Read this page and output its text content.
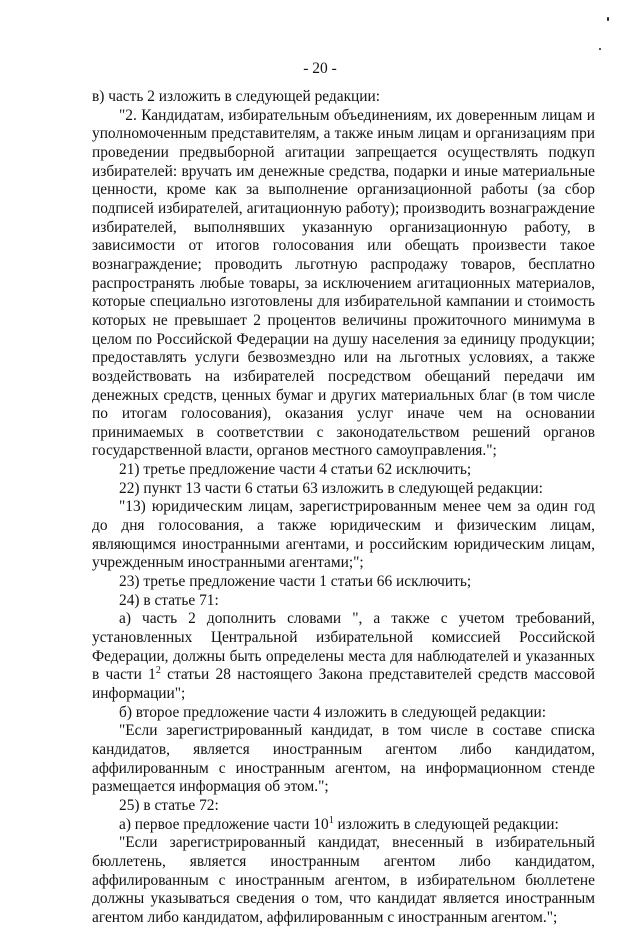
- 20 -

в) часть 2 изложить в следующей редакции:

"2. Кандидатам, избирательным объединениям, их доверенным лицам и уполномоченным представителям, а также иным лицам и организациям при проведении предвыборной агитации запрещается осуществлять подкуп избирателей: вручать им денежные средства, подарки и иные материальные ценности, кроме как за выполнение организационной работы (за сбор подписей избирателей, агитационную работу); производить вознаграждение избирателей, выполнявших указанную организационную работу, в зависимости от итогов голосования или обещать произвести такое вознаграждение; проводить льготную распродажу товаров, бесплатно распространять любые товары, за исключением агитационных материалов, которые специально изготовлены для избирательной кампании и стоимость которых не превышает 2 процентов величины прожиточного минимума в целом по Российской Федерации на душу населения за единицу продукции; предоставлять услуги безвозмездно или на льготных условиях, а также воздействовать на избирателей посредством обещаний передачи им денежных средств, ценных бумаг и других материальных благ (в том числе по итогам голосования), оказания услуг иначе чем на основании принимаемых в соответствии с законодательством решений органов государственной власти, органов местного самоуправления.";

21) третье предложение части 4 статьи 62 исключить;

22) пункт 13 части 6 статьи 63 изложить в следующей редакции:

"13) юридическим лицам, зарегистрированным менее чем за один год до дня голосования, а также юридическим и физическим лицам, являющимся иностранными агентами, и российским юридическим лицам, учрежденным иностранными агентами;";

23) третье предложение части 1 статьи 66 исключить;

24) в статье 71:

а) часть 2 дополнить словами ", а также с учетом требований, установленных Центральной избирательной комиссией Российской Федерации, должны быть определены места для наблюдателей и указанных в части $1^2$ статьи 28 настоящего Закона представителей средств массовой информации";

б) второе предложение части 4 изложить в следующей редакции:

"Если зарегистрированный кандидат, в том числе в составе списка кандидатов, является иностранным агентом либо кандидатом, аффилированным с иностранным агентом, на информационном стенде размещается информация об этом.";

25) в статье 72:

а) первое предложение части $10^1$ изложить в следующей редакции:

"Если зарегистрированный кандидат, внесенный в избирательный бюллетень, является иностранным агентом либо кандидатом, аффилированным с иностранным агентом, в избирательном бюллетене должны указываться сведения о том, что кандидат является иностранным агентом либо кандидатом, аффилированным с иностранным агентом.";
